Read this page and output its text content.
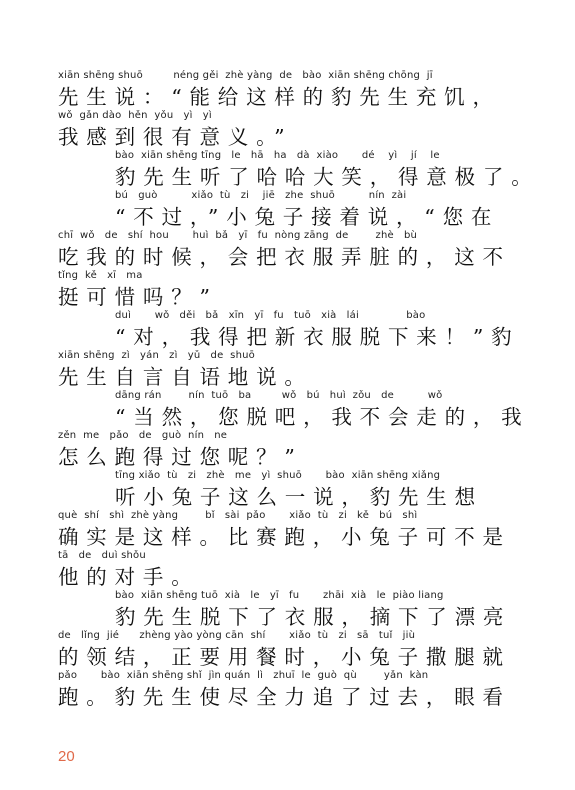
xiān shēng shuō         néng gěi  zhè yàng  de   bào  xiān shēng chōng  jī
先生说：“能给这样的豹先生充饥，
wǒ  gǎn dào  hěn  yǒu   yì   yì
我感到很有意义。”
bào  xiān shēng tīng   le   hā   ha   dà  xiào       dé    yì    jí    le
豹先生听了哈哈大笑，得意极了。
bú   guò          xiǎo  tù   zi    jiē   zhe  shuō          nín  zài
“不过，”小兔子接着说，“您在
chī  wǒ   de   shí  hou       huì  bǎ   yī   fu  nòng zāng  de        zhè   bù
吃我的时候，会把衣服弄脏的，这不
tǐng  kě   xī   ma
挺可惜吗？”
duì       wǒ   děi   bǎ   xīn   yī   fu   tuō   xià   lái              bào
“对，我得把新衣服脱下来！”豹
xiān shēng  zì   yán   zì   yǔ   de  shuō
先生自言自语地说。
dāng rán        nín  tuō   ba         wǒ   bú   huì  zǒu   de          wǒ
“当然，您脱吧，我不会走的，我
zěn  me   pǎo   de   guò  nín   ne
怎么跑得过您呢？”
tīng xiǎo  tù   zi   zhè   me   yì  shuō       bào  xiān shēng xiǎng
听小兔子这么一说，豹先生想
què  shí   shì  zhè yàng        bǐ   sài  pǎo       xiǎo  tù   zi   kě   bú   shì
确实是这样。比赛跑，小兔子可不是
tā   de   duì shǒu
他的对手。
bào  xiān shēng tuō  xià   le   yī   fu       zhāi  xià   le  piào liang
豹先生脱下了衣服，摘下了漂亮
de   lǐng  jié      zhèng yào yòng cān  shí       xiǎo  tù   zi   sā   tuǐ   jiù
的领结，正要用餐时，小兔子撒腿就
pǎo       bào  xiān shēng shǐ  jìn quán  lì   zhuī  le  guò  qù        yǎn  kàn
跑。豹先生使尽全力追了过去，眼看
20
